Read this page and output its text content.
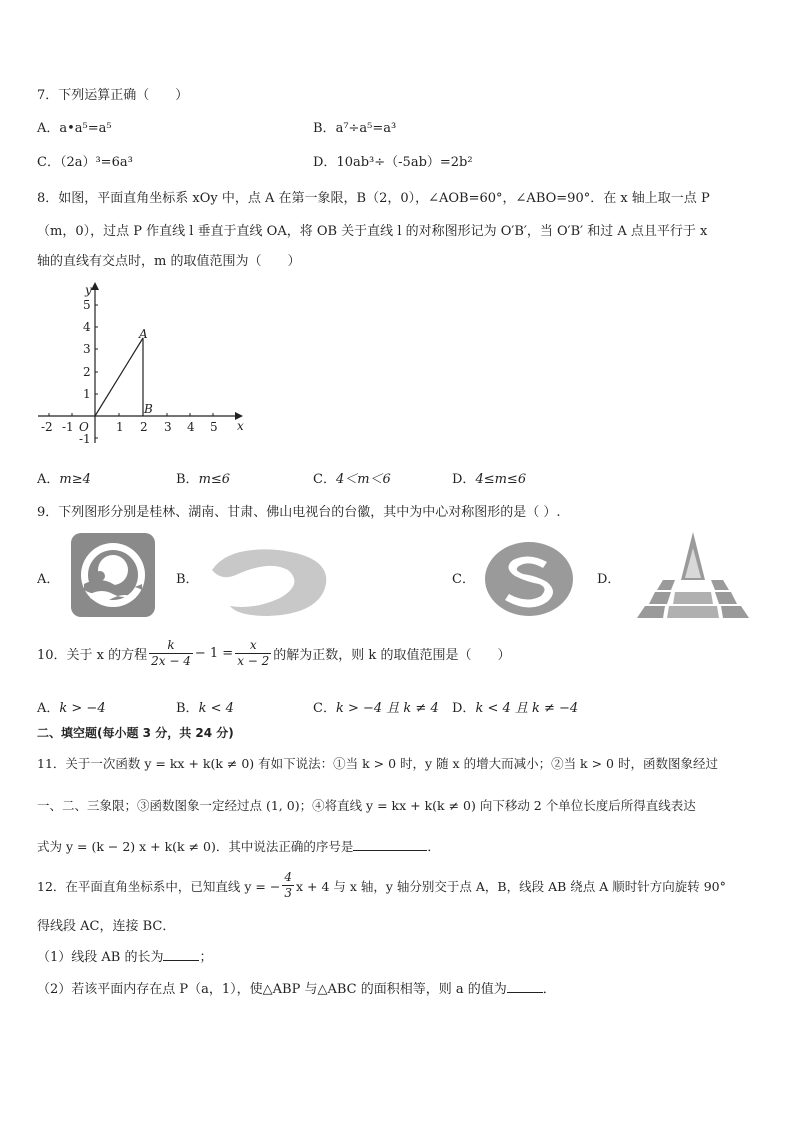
7．下列运算正确（　　）
A．a•a⁵=a⁵	B．a⁷÷a⁵=a³
C．（2a）³=6a³	D．10ab³÷（-5ab）=2b²
8．如图，平面直角坐标系 xOy 中，点 A 在第一象限，B（2，0），∠AOB=60°，∠ABO=90°．在 x 轴上取一点 P
（m，0），过点 P 作直线 l 垂直于直线 OA，将 OB 关于直线 l 的对称图形记为 O′B′，当 O′B′ 和过 A 点且平行于 x
轴的直线有交点时，m 的取值范围为（　　）
y
x
O
A
B
-2 -1	1 2 3 4 5
5
4
3
2
1
-1
A．m≥4	B．m≤6	C．4＜m＜6	D．4≤m≤6
9．下列图形分别是桂林、湖南、甘肃、佛山电视台的台徽，其中为中心对称图形的是（ ）.
A．	B．	C．	D．
10．关于 x 的方程 $\frac{k}{2x - 4} - 1 = \frac{x}{x - 2}$ 的解为正数，则 k 的取值范围是（　　）
A．k > −4	B．k < 4	C．k > −4 且 k ≠ 4 D．k < 4 且 k ≠ −4
二、填空题(每小题 3 分，共 24 分)
11．关于一次函数 y = kx + k(k ≠ 0) 有如下说法：①当 k > 0 时，y 随 x 的增大而减小；②当 k > 0 时，函数图象经过
一、二、三象限；③函数图象一定经过点 (1, 0)；④将直线 y = kx + k(k ≠ 0) 向下移动 2 个单位长度后所得直线表达
式为 y = (k − 2) x + k(k ≠ 0)．其中说法正确的序号是	．
12．在平面直角坐标系中，已知直线 y = − $\frac{4}{3}$ x + 4 与 x 轴，y 轴分别交于点 A，B，线段 AB 绕点 A 顺时针方向旋转 90°
得线段 AC，连接 BC．
（1）线段 AB 的长为	；
（2）若该平面内存在点 P（a，1），使△ABP 与△ABC 的面积相等，则 a 的值为	．
